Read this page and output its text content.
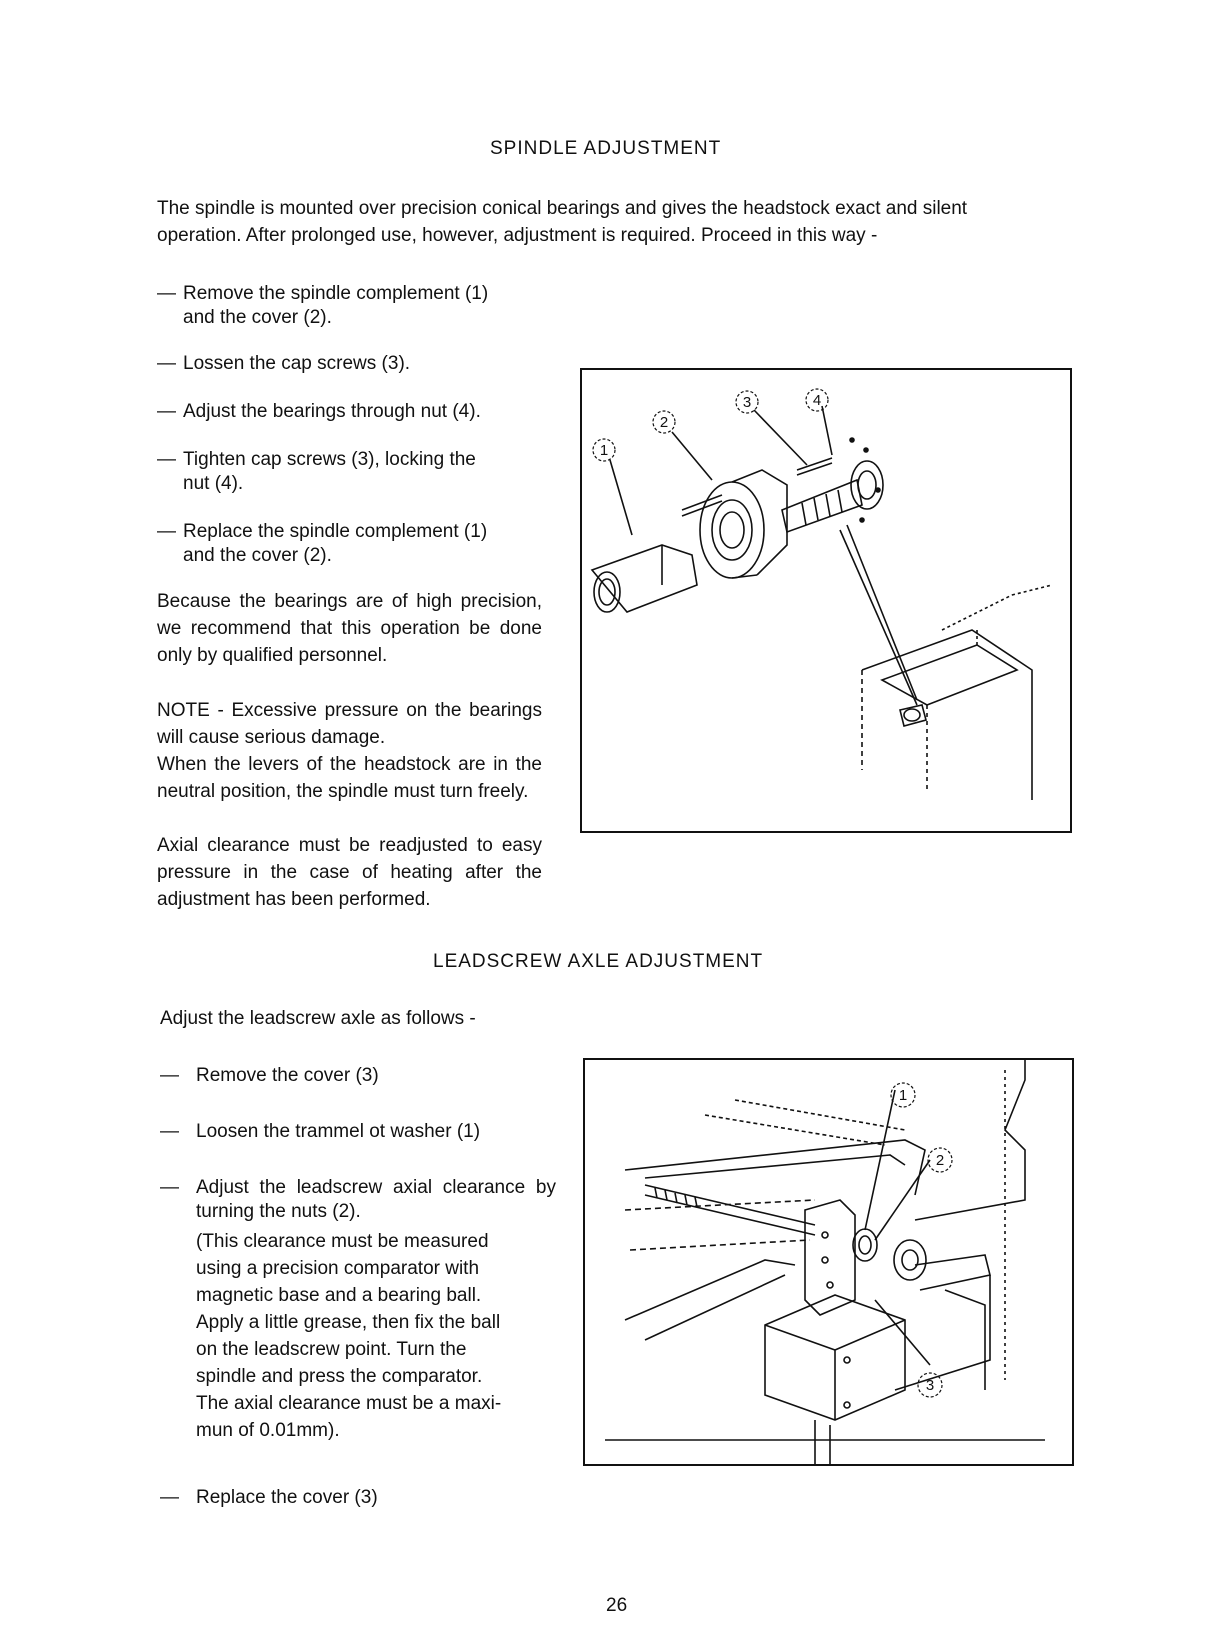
SPINDLE ADJUSTMENT
The spindle is mounted over precision conical bearings and gives the headstock exact and silent
operation. After prolonged use, however, adjustment is required. Proceed in this way -
— Remove the spindle complement (1)
and the cover (2).
— Lossen the cap screws (3).
— Adjust the bearings through nut (4).
— Tighten cap screws (3), locking the
nut (4).
— Replace the spindle complement (1)
and the cover (2).
Because the bearings are of high precision, we recommend that this operation be done only by qualified personnel.
NOTE - Excessive pressure on the bearings will cause serious damage.
When the levers of the headstock are in the neutral position, the spindle must turn freely.
Axial clearance must be readjusted to easy pressure in the case of heating after the adjustment has been performed.
1
2
3	4
LEADSCREW AXLE ADJUSTMENT
Adjust the leadscrew axle as follows -
— Remove the cover (3)
— Loosen the trammel ot washer (1)
— Adjust the leadscrew axial clearance by turning the nuts (2).
(This clearance must be measured
using a precision comparator with
magnetic base and a bearing ball.
Apply a little grease, then fix the ball
on the leadscrew point. Turn the
spindle and press the comparator.
The axial clearance must be a maxi-
mun of 0.01mm).
— Replace the cover (3)
1
2
3
26
